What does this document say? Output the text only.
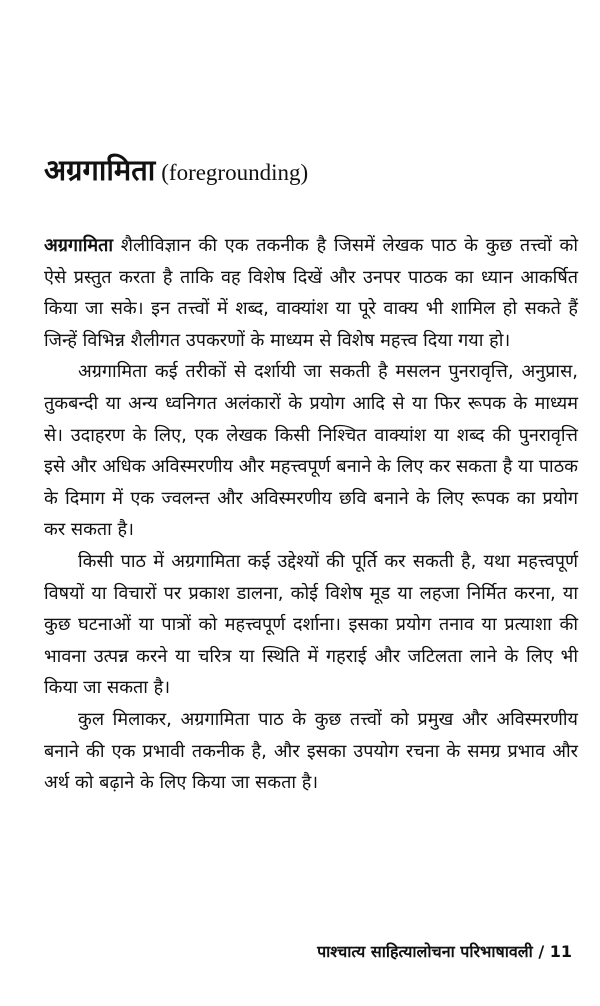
अग्रगामिता (foregrounding)

अग्रगामिता शैलीविज्ञान की एक तकनीक है जिसमें लेखक पाठ के कुछ तत्त्वों को ऐसे प्रस्तुत करता है ताकि वह विशेष दिखें और उनपर पाठक का ध्यान आकर्षित किया जा सके। इन तत्त्वों में शब्द, वाक्यांश या पूरे वाक्य भी शामिल हो सकते हैं जिन्हें विभिन्न शैलीगत उपकरणों के माध्यम से विशेष महत्त्व दिया गया हो।

अग्रगामिता कई तरीकों से दर्शायी जा सकती है मसलन पुनरावृत्ति, अनुप्रास, तुकबन्दी या अन्य ध्वनिगत अलंकारों के प्रयोग आदि से या फिर रूपक के माध्यम से। उदाहरण के लिए, एक लेखक किसी निश्चित वाक्यांश या शब्द की पुनरावृत्ति इसे और अधिक अविस्मरणीय और महत्त्वपूर्ण बनाने के लिए कर सकता है या पाठक के दिमाग में एक ज्वलन्त और अविस्मरणीय छवि बनाने के लिए रूपक का प्रयोग कर सकता है।

किसी पाठ में अग्रगामिता कई उद्देश्यों की पूर्ति कर सकती है, यथा महत्त्वपूर्ण विषयों या विचारों पर प्रकाश डालना, कोई विशेष मूड या लहजा निर्मित करना, या कुछ घटनाओं या पात्रों को महत्त्वपूर्ण दर्शाना। इसका प्रयोग तनाव या प्रत्याशा की भावना उत्पन्न करने या चरित्र या स्थिति में गहराई और जटिलता लाने के लिए भी किया जा सकता है।

कुल मिलाकर, अग्रगामिता पाठ के कुछ तत्त्वों को प्रमुख और अविस्मरणीय बनाने की एक प्रभावी तकनीक है, और इसका उपयोग रचना के समग्र प्रभाव और अर्थ को बढ़ाने के लिए किया जा सकता है।

पाश्चात्य साहित्यालोचना परिभाषावली / 11
